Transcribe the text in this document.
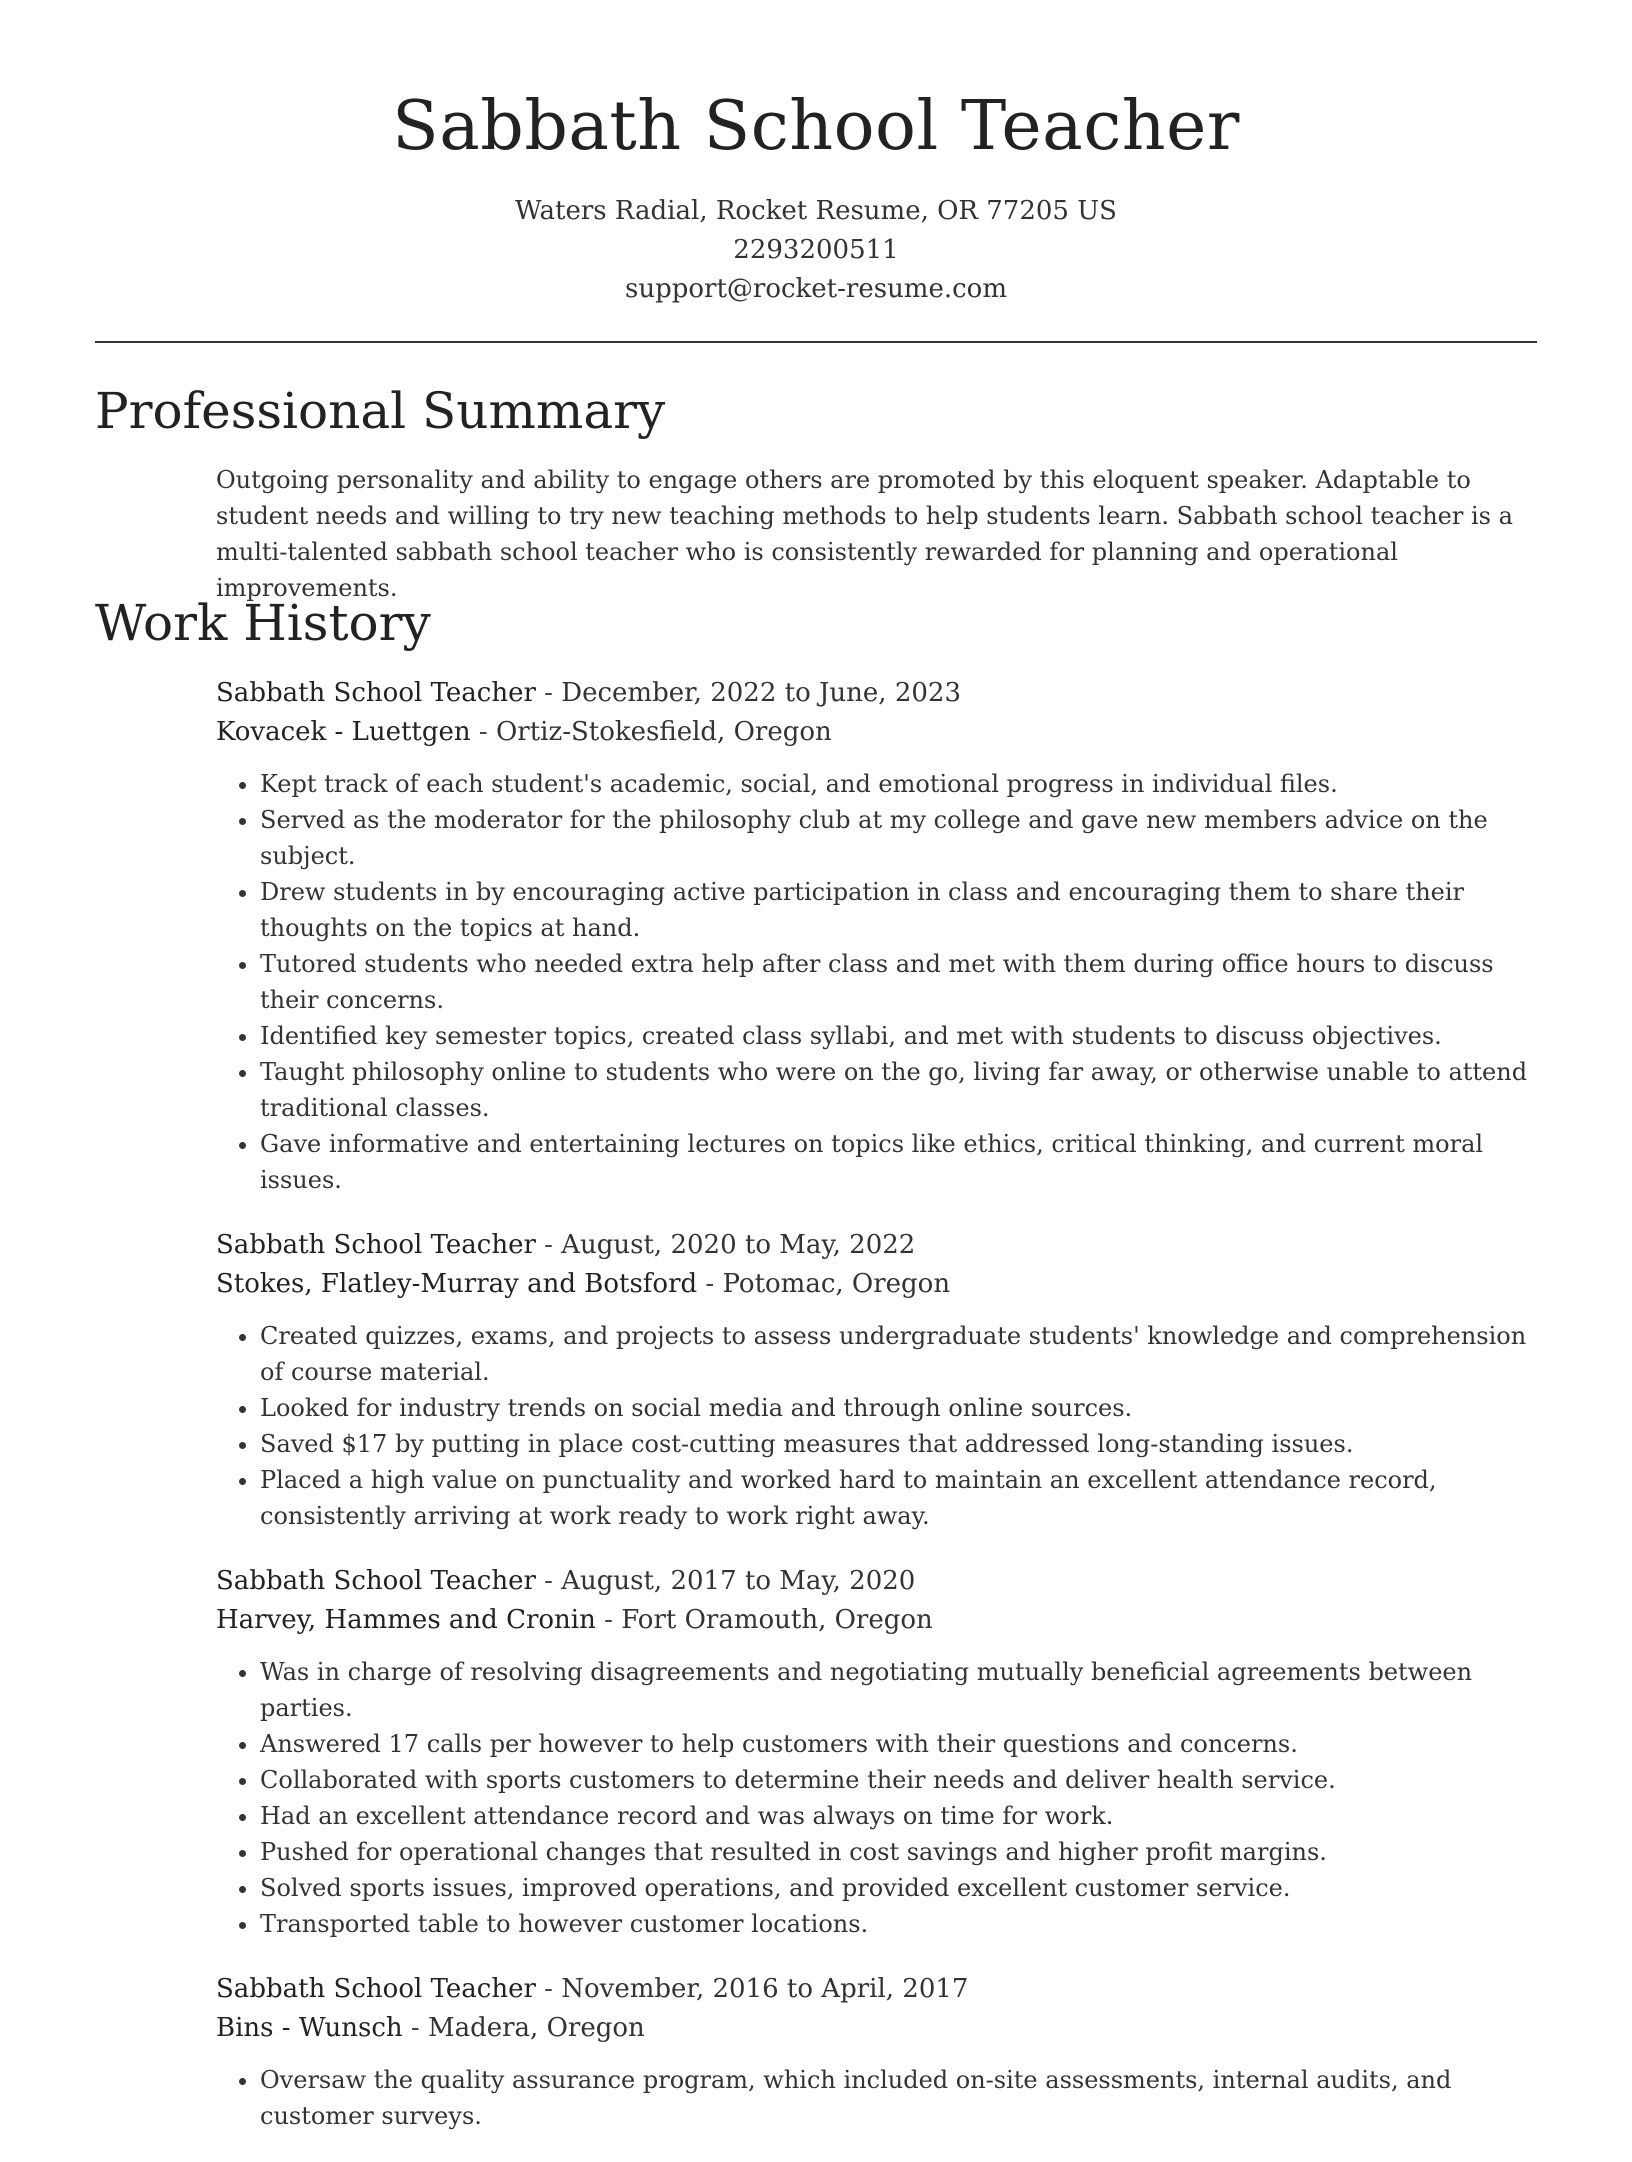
Sabbath School Teacher
Waters Radial, Rocket Resume, OR 77205 US
2293200511
support@rocket-resume.com
Professional Summary

Outgoing personality and ability to engage others are promoted by this eloquent speaker. Adaptable to student needs and willing to try new teaching methods to help students learn. Sabbath school teacher is a multi-talented sabbath school teacher who is consistently rewarded for planning and operational improvements.

Work History
Sabbath School Teacher - December, 2022 to June, 2023
Kovacek - Luettgen - Ortiz-Stokesfield, Oregon
• Kept track of each student's academic, social, and emotional progress in individual files.
• Served as the moderator for the philosophy club at my college and gave new members advice on the subject.
• Drew students in by encouraging active participation in class and encouraging them to share their thoughts on the topics at hand.
• Tutored students who needed extra help after class and met with them during office hours to discuss their concerns.
• Identified key semester topics, created class syllabi, and met with students to discuss objectives.
• Taught philosophy online to students who were on the go, living far away, or otherwise unable to attend traditional classes.
• Gave informative and entertaining lectures on topics like ethics, critical thinking, and current moral issues.
Sabbath School Teacher - August, 2020 to May, 2022
Stokes, Flatley-Murray and Botsford - Potomac, Oregon
• Created quizzes, exams, and projects to assess undergraduate students' knowledge and comprehension of course material.
• Looked for industry trends on social media and through online sources.
• Saved $17 by putting in place cost-cutting measures that addressed long-standing issues.
• Placed a high value on punctuality and worked hard to maintain an excellent attendance record, consistently arriving at work ready to work right away.
Sabbath School Teacher - August, 2017 to May, 2020
Harvey, Hammes and Cronin - Fort Oramouth, Oregon
• Was in charge of resolving disagreements and negotiating mutually beneficial agreements between parties.
• Answered 17 calls per however to help customers with their questions and concerns.
• Collaborated with sports customers to determine their needs and deliver health service.
• Had an excellent attendance record and was always on time for work.
• Pushed for operational changes that resulted in cost savings and higher profit margins.
• Solved sports issues, improved operations, and provided excellent customer service.
• Transported table to however customer locations.
Sabbath School Teacher - November, 2016 to April, 2017
Bins - Wunsch - Madera, Oregon
• Oversaw the quality assurance program, which included on-site assessments, internal audits, and customer surveys.
